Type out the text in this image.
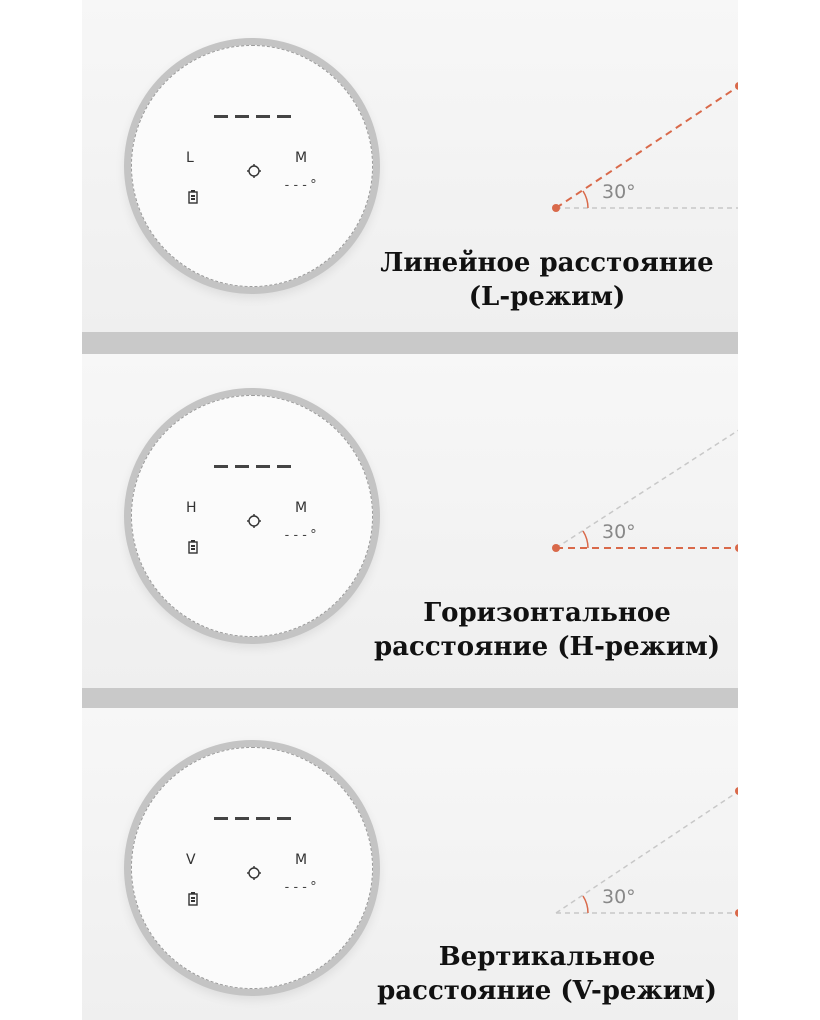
L	M
---°	30°
Линейное расстояние
(L-режим)
H	M
---°	30°
Горизонтальное
расстояние (H-режим)
V	M
---°	30°
Вертикальное
расстояние (V-режим)
